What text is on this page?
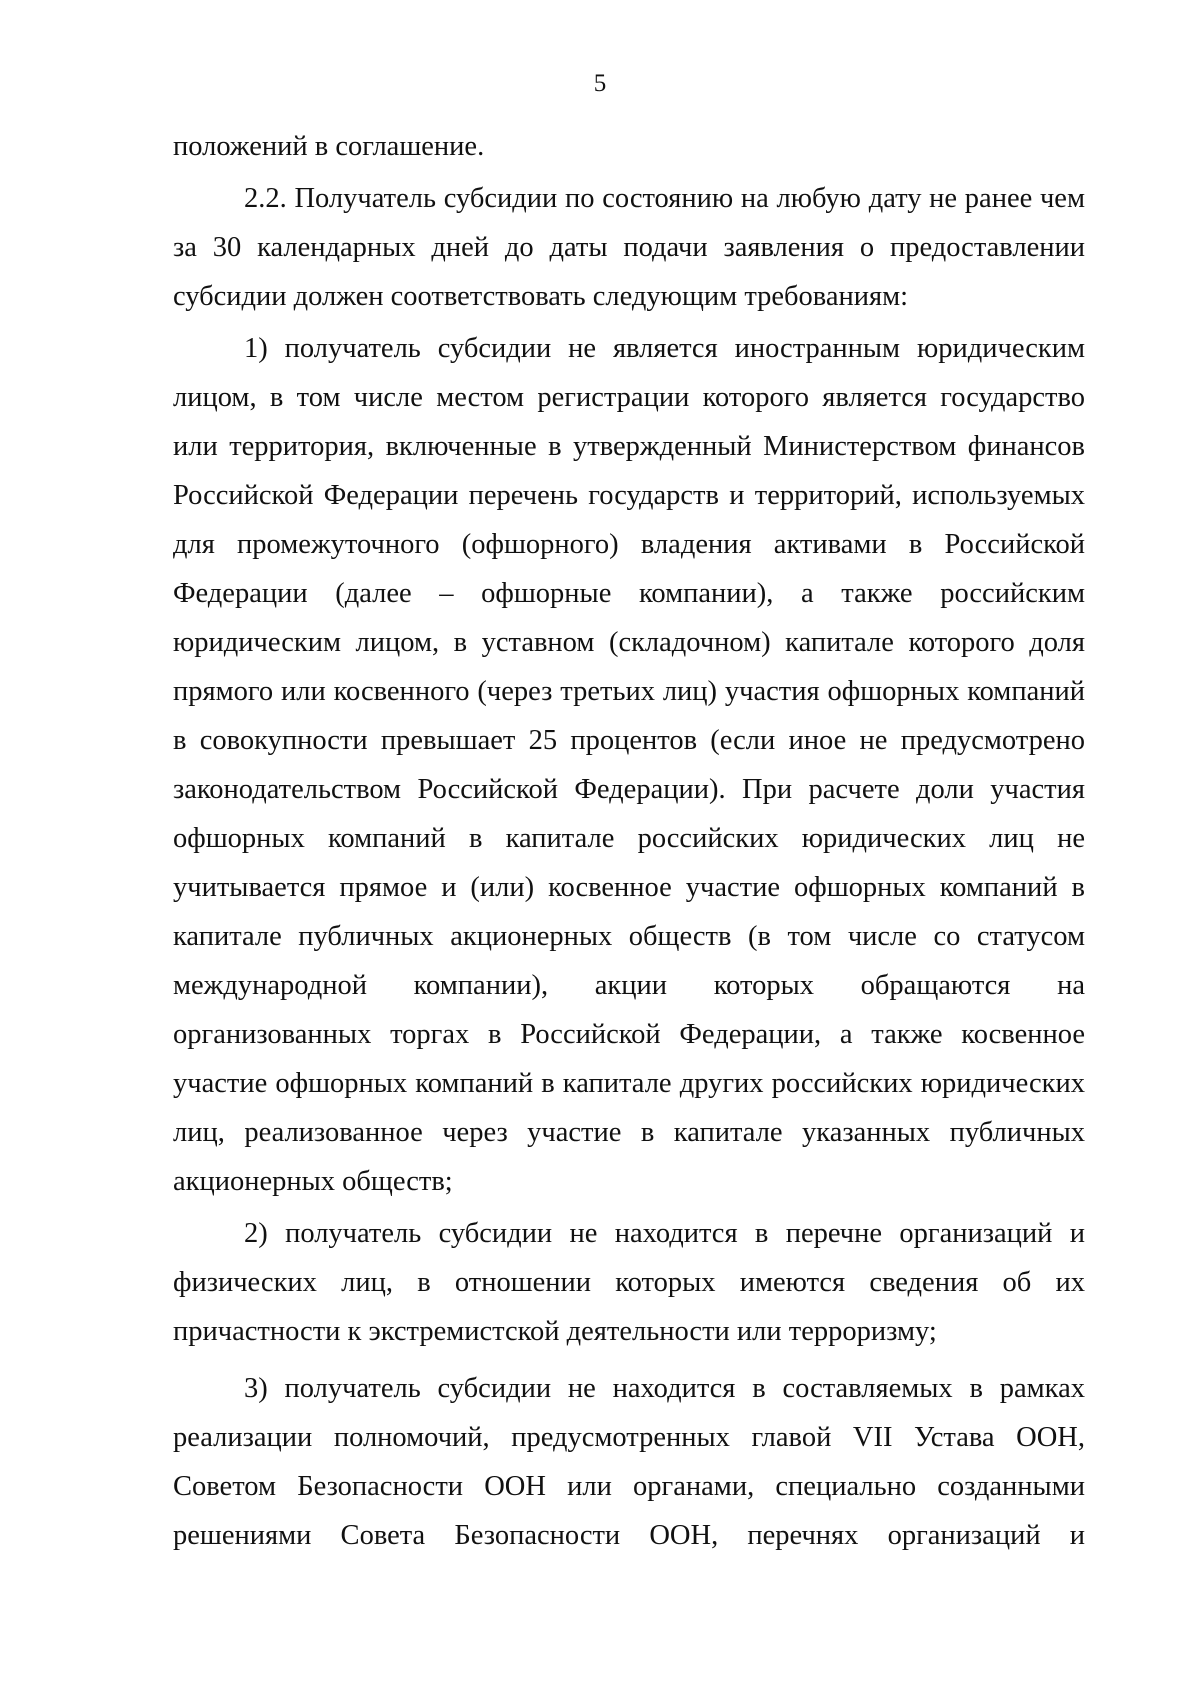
5

положений в соглашение.

2.2. Получатель субсидии по состоянию на любую дату не ранее чем за 30 календарных дней до даты подачи заявления о предоставлении субсидии должен соответствовать следующим требованиям:

1) получатель субсидии не является иностранным юридическим лицом, в том числе местом регистрации которого является государство или территория, включенные в утвержденный Министерством финансов Российской Федерации перечень государств и территорий, используемых для промежуточного (офшорного) владения активами в Российской Федерации (далее – офшорные компании), а также российским юридическим лицом, в уставном (складочном) капитале которого доля прямого или косвенного (через третьих лиц) участия офшорных компаний в совокупности превышает 25 процентов (если иное не предусмотрено законодательством Российской Федерации). При расчете доли участия офшорных компаний в капитале российских юридических лиц не учитывается прямое и (или) косвенное участие офшорных компаний в капитале публичных акционерных обществ (в том числе со статусом международной компании), акции которых обращаются на организованных торгах в Российской Федерации, а также косвенное участие офшорных компаний в капитале других российских юридических лиц, реализованное через участие в капитале указанных публичных акционерных обществ;

2) получатель субсидии не находится в перечне организаций и физических лиц, в отношении которых имеются сведения об их причастности к экстремистской деятельности или терроризму;

3) получатель субсидии не находится в составляемых в рамках реализации полномочий, предусмотренных главой VII Устава ООН, Советом Безопасности ООН или органами, специально созданными решениями Совета Безопасности ООН, перечнях организаций и
